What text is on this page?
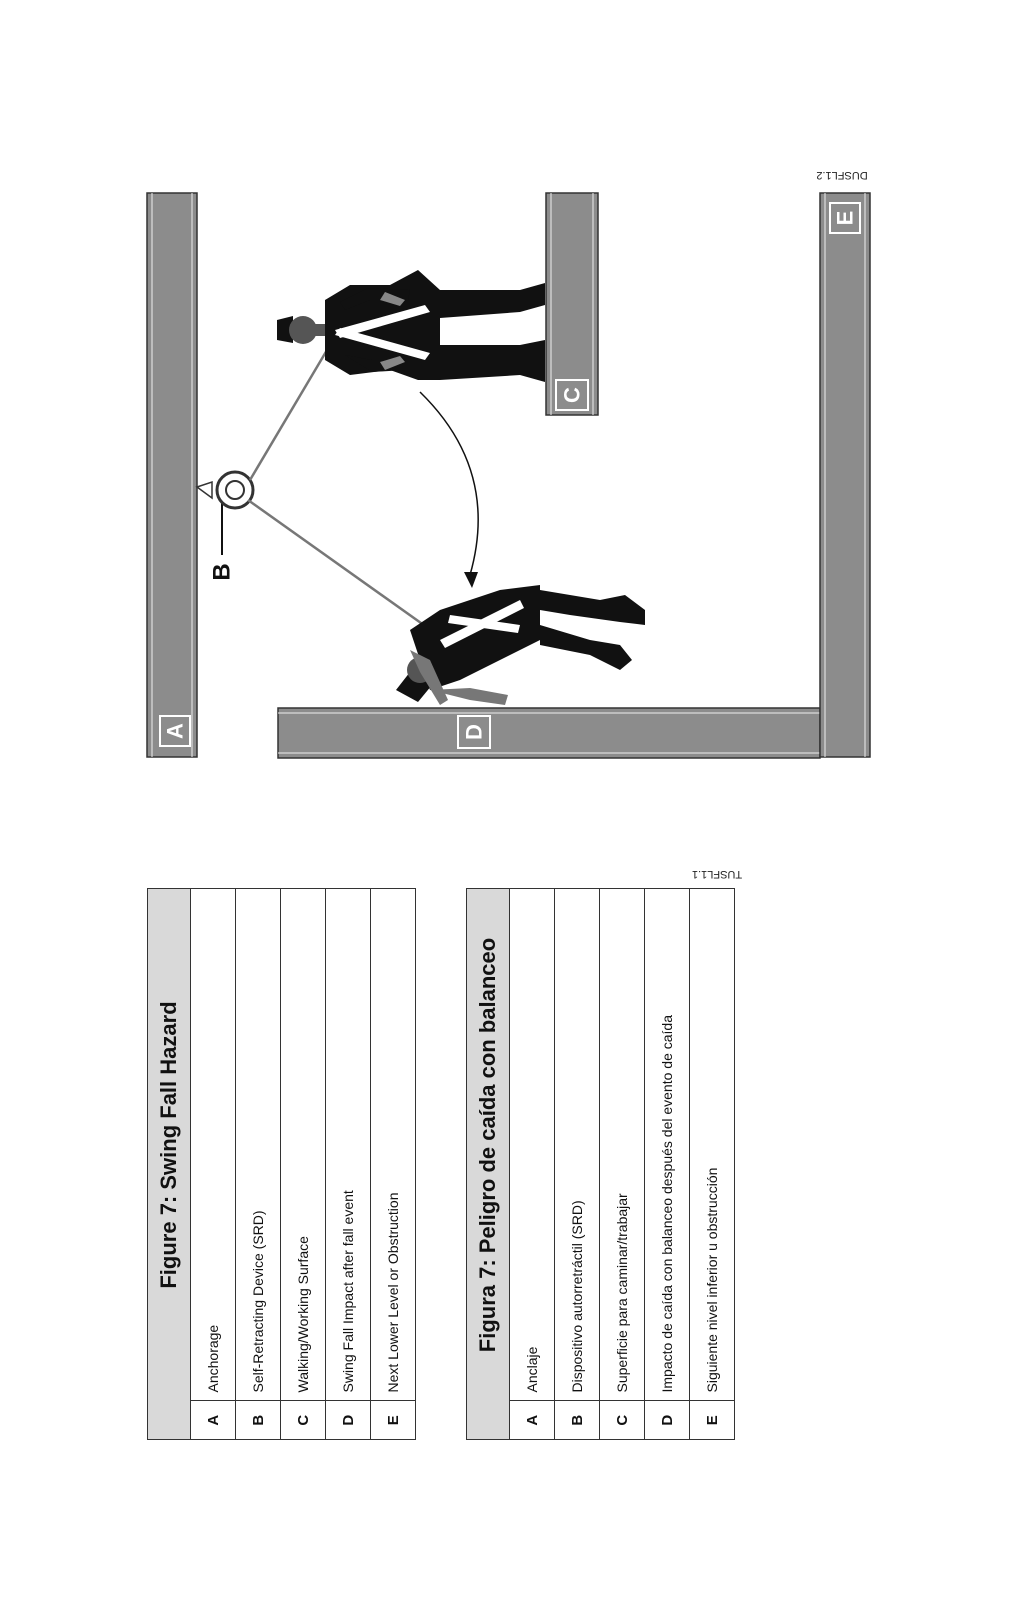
A
C
D
E
B
DUSFL1.2
	Figure 7: Swing Fall Hazard
A	Anchorage
B	Self-Retracting Device (SRD)
C	Walking/Working Surface
D	Swing Fall Impact after fall event
E	Next Lower Level or Obstruction
		Figura 7: Peligro de caída con balanceo
A	Anclaje
B	Dispositivo autorretráctil (SRD)
C	Superficie para caminar/trabajar
D	Impacto de caída con balanceo después del evento de caída
E	Siguiente nivel inferior u obstrucción
TUSFL1.1
